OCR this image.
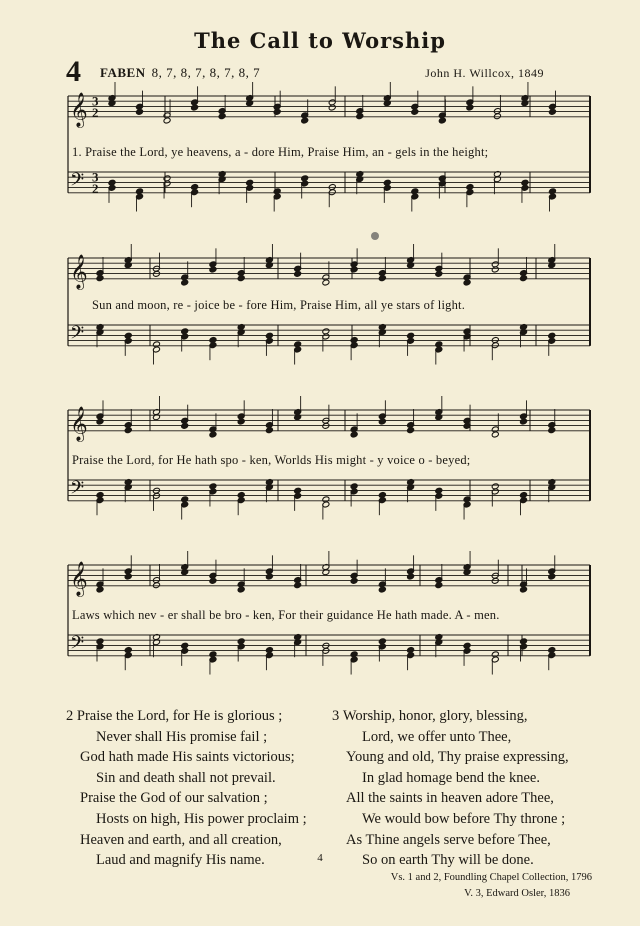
The Call to Worship
4 FABEN 8, 7, 8, 7, 8, 7, 8, 7	John H. Willcox, 1849
𝄞 3
2
𝄢 3
2
𝄞
𝄢
𝄞
𝄢
𝄞
𝄢
1. Praise the Lord, ye heavens, a - dore Him, Praise Him, an - gels in the height;
Sun and moon, re - joice be - fore Him, Praise Him, all ye stars of light.
Praise the Lord, for He hath spo - ken, Worlds His might - y voice o - beyed;
Laws which nev - er shall be bro - ken, For their guidance He hath made. A - men.
2 Praise the Lord, for He is glorious ;
Never shall His promise fail ;
God hath made His saints victorious;
Sin and death shall not prevail.
Praise the God of our salvation ;
Hosts on high, His power proclaim ;
Heaven and earth, and all creation,
Laud and magnify His name.
3 Worship, honor, glory, blessing,
Lord, we offer unto Thee,
Young and old, Thy praise expressing,
In glad homage bend the knee.
All the saints in heaven adore Thee,
We would bow before Thy throne ;
As Thine angels serve before Thee,
So on earth Thy will be done.
Vs. 1 and 2, Foundling Chapel Collection, 1796
V. 3, Edward Osler, 1836
4
